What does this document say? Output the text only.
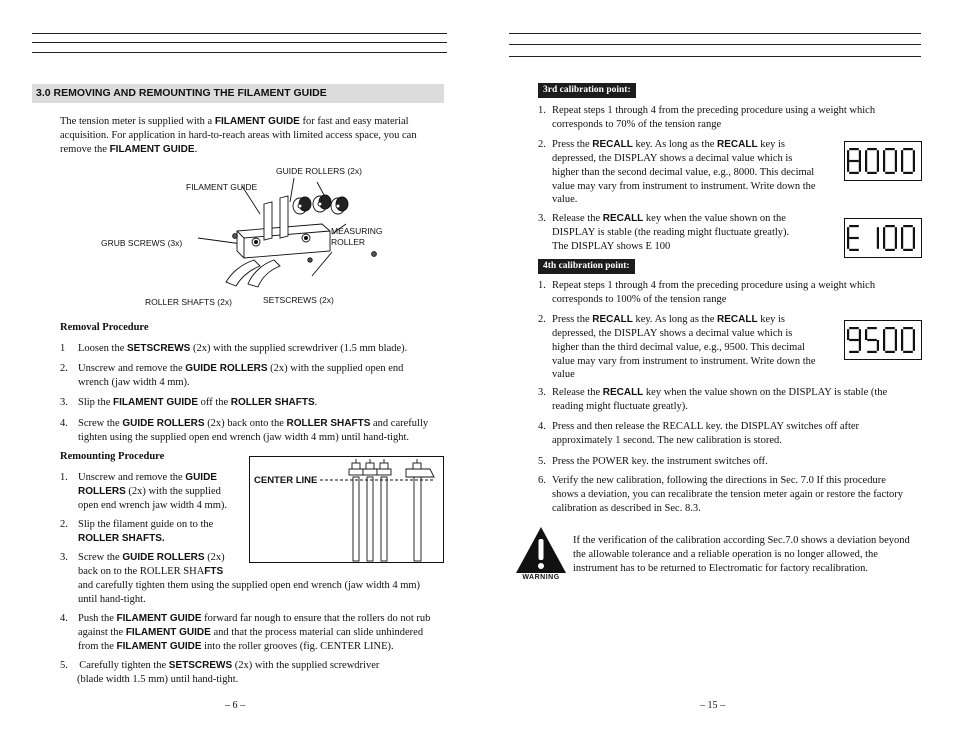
3.0 REMOVING AND REMOUNTING THE FILAMENT GUIDE
The tension meter is supplied with a FILAMENT GUIDE for fast and easy material
acquisition. For application in hard-to-reach areas with limited access space, you can
remove the FILAMENT GUIDE.
GUIDE ROLLERS (2x)
FILAMENT GUIDE
MEASURING
ROLLER
GRUB SCREWS (3x)
ROLLER SHAFTS (2x)	SETSCREWS (2x)
Removal Procedure
1 Loosen the SETSCREWS (2x) with the supplied screwdriver (1.5 mm blade).
2. Unscrew and remove the GUIDE ROLLERS (2x) with the supplied open end
wrench (jaw width 4 mm).
3. Slip the FILAMENT GUIDE off the ROLLER SHAFTS.
4. Screw the GUIDE ROLLERS (2x) back onto the ROLLER SHAFTS and carefully
tighten using the supplied open end wrench (jaw width 4 mm) until hand-tight.
Remounting Procedure
CENTER LINE
1. Unscrew and remove the GUIDE
ROLLERS (2x) with the supplied
open end wrench jaw width 4 mm).
2. Slip the filament guide on to the
ROLLER SHAFTS.
3. Screw the GUIDE ROLLERS (2x)
back on to the ROLLER SHAFTS
and carefully tighten them using the supplied open end wrench (jaw width 4 mm)
until hand-tight.
4. Push the FILAMENT GUIDE forward far nough to ensure that the rollers do not rub
against the FILAMENT GUIDE and that the process material can slide unhindered
from the FILAMENT GUIDE into the roller grooves (fig. CENTER LINE).
5. Carefully tighten the SETSCREWS (2x) with the supplied screwdriver
(blade width 1.5 mm) until hand-tight.
– 6 –
3rd calibration point:
1. Repeat steps 1 through 4 from the preceding procedure using a weight which
corresponds to 70% of the tension range
2. Press the RECALL key. As long as the RECALL key is
depressed, the DISPLAY shows a decimal value which is
higher than the second decimal value, e.g., 8000. This decimal
value may vary from instrument to instrument. Write down the
value.
3. Release the RECALL key when the value shown on the
DISPLAY is stable (the reading might fluctuate greatly).
The DISPLAY shows E 100
4th calibration point:
1. Repeat steps 1 through 4 from the preceding procedure using a weight which
corresponds to 100% of the tension range
2. Press the RECALL key. As long as the RECALL key is
depressed, the DISPLAY shows a decimal value which is
higher than the third decimal value, e.g., 9500. This decimal
value may vary from instrument to instrument. Write down the
value
3. Release the RECALL key when the value shown on the DISPLAY is stable (the
reading might fluctuate greatly).
4. Press and then release the RECALL key. the DISPLAY switches off after
approximately 1 second. The new calibration is stored.
5. Press the POWER key. the instrument switches off.
6. Verify the new calibration, following the directions in Sec. 7.0 If this procedure
shows a deviation, you can recalibrate the tension meter again or restore the factory
calibration as described in Sec. 8.3.
WARNING
If the verification of the calibration according Sec.7.0 shows a deviation beyond
the allowable tolerance and a reliable operation is no longer allowed, the
instrument has to be returned to Electromatic for factory recalibration.
– 15 –
